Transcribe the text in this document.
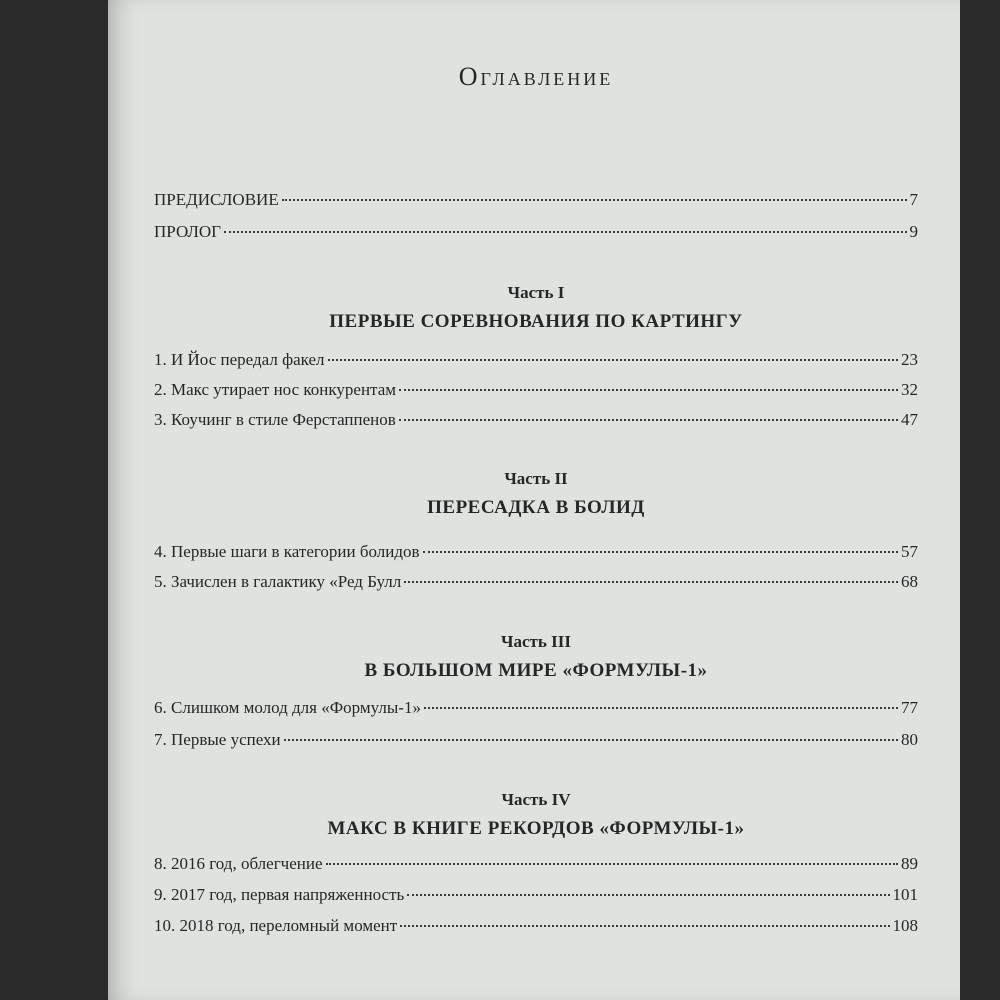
Оглавление
ПРЕДИСЛОВИЕ	7
ПРОЛОГ	9
Часть I
ПЕРВЫЕ СОРЕВНОВАНИЯ ПО КАРТИНГУ
1. И Йос передал факел	23
2. Макс утирает нос конкурентам	32
3. Коучинг в стиле Ферстаппенов	47
Часть II
ПЕРЕСАДКА В БОЛИД
4. Первые шаги в категории болидов	57
5. Зачислен в галактику «Ред Булл	68
Часть III
В БОЛЬШОМ МИРЕ «ФОРМУЛЫ-1»
6. Слишком молод для «Формулы-1»	77
7. Первые успехи	80
Часть IV
МАКС В КНИГЕ РЕКОРДОВ «ФОРМУЛЫ-1»
8. 2016 год, облегчение	89
9. 2017 год, первая напряженность	101
10. 2018 год, переломный момент	108
